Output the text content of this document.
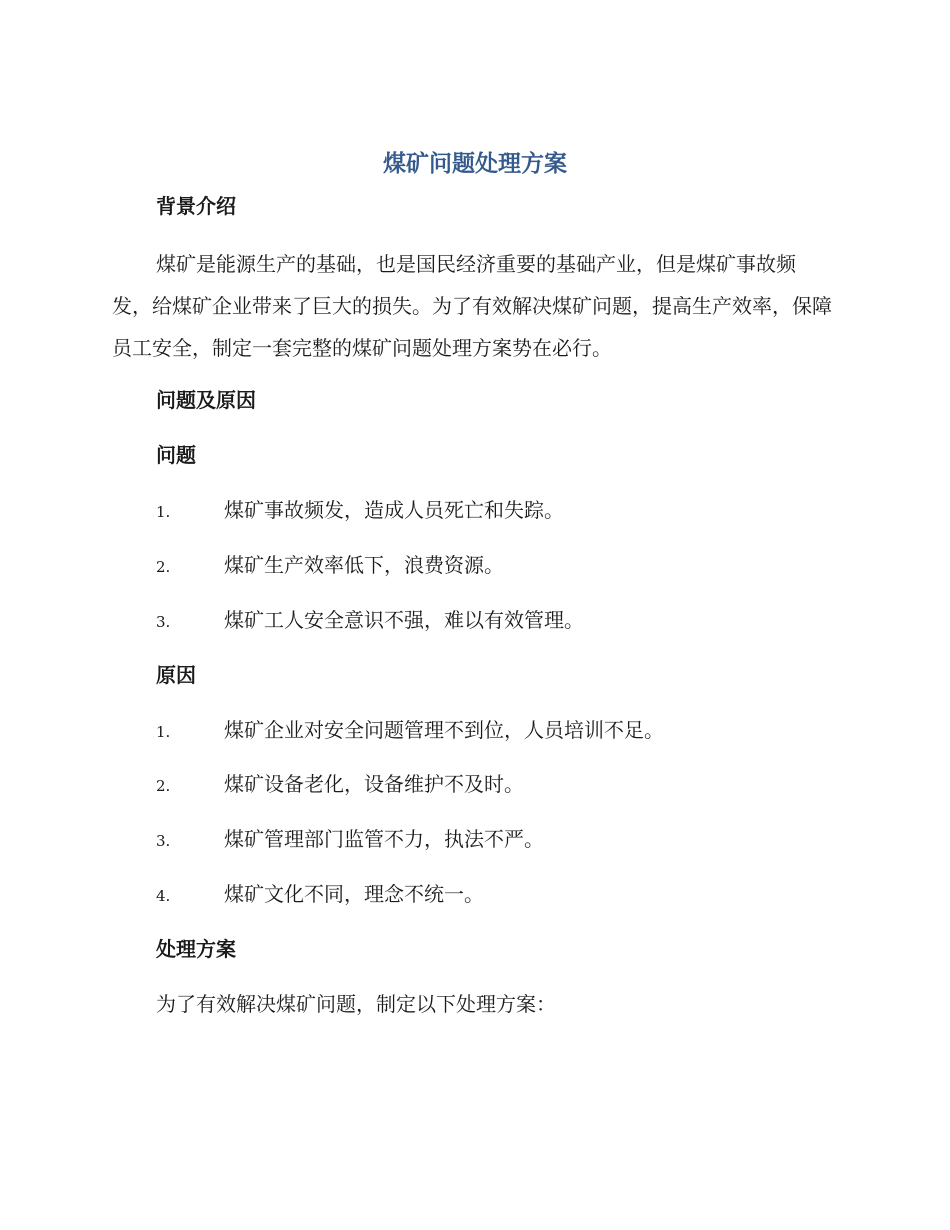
煤矿问题处理方案
背景介绍
煤矿是能源生产的基础，也是国民经济重要的基础产业，但是煤矿事故频发，给煤矿企业带来了巨大的损失。为了有效解决煤矿问题，提高生产效率，保障员工安全，制定一套完整的煤矿问题处理方案势在必行。
问题及原因
问题
1.	煤矿事故频发，造成人员死亡和失踪。
2.	煤矿生产效率低下，浪费资源。
3.	煤矿工人安全意识不强，难以有效管理。
原因
1.	煤矿企业对安全问题管理不到位，人员培训不足。
2.	煤矿设备老化，设备维护不及时。
3.	煤矿管理部门监管不力，执法不严。
4.	煤矿文化不同，理念不统一。
处理方案
为了有效解决煤矿问题，制定以下处理方案：
